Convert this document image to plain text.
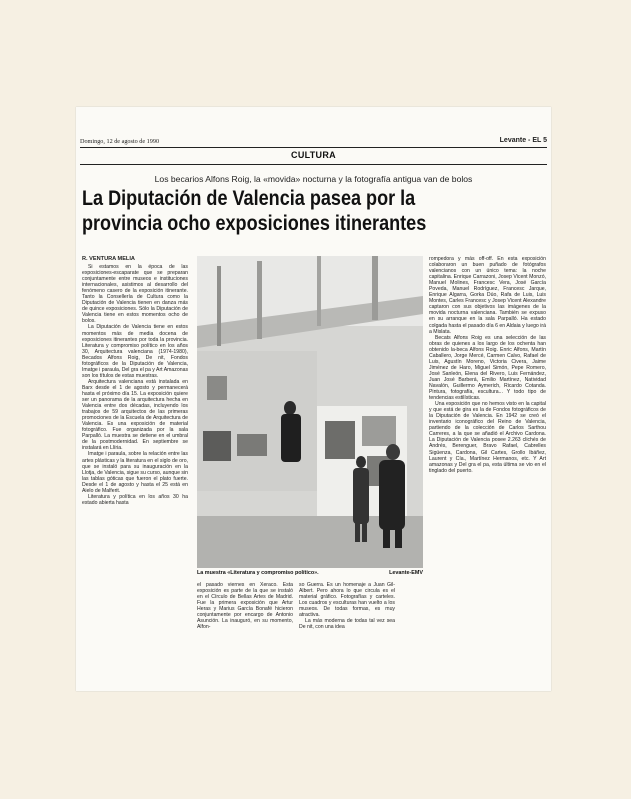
Domingo, 12 de agosto de 1990	Levante - EL 5
CULTURA
Los becarios Alfons Roig, la «movida» nocturna y la fotografía antigua van de bolos
La Diputación de Valencia pasea por la
provincia ocho exposiciones itinerantes
R. VENTURA MELIA

Si estamos en la época de las exposiciones-escaparate que se preparan conjuntamente entre museos e instituciones internacionales, asistimos al desarrollo del fenómeno casero de la exposición itinerante. Tanto la Consellería de Cultura como la Diputación de Valencia tienen en danza más de quince exposiciones. Sólo la Diputación de Valencia tiene en estos momentos ocho de bolos.

La Diputación de Valencia tiene en estos momentos más de media docena de exposiciones itinerantes por toda la provincia. Literatura y compromiso político en los años 30, Arquitectura valenciana (1974-1980), Becados Alfons Roig, De nit, Fondos fotográficos de la Diputación de Valencia, Imatge i paraula, Del gra el pa y Art Amazonas son los títulos de estas muestras.

Arquitectura valenciana está instalada en Barx desde el 1 de agosto y permanecerá hasta el próximo día 15. La exposición quiere ser un panorama de la arquitectura hecha en Valencia entre dos décadas, incluyendo los trabajos de 59 arquitectos de las primeras promociones de la Escuela de Arquitectura de Valencia. Es una exposición de material fotográfico. Fue organizada por la sala Parpalló. La muestra se detiene en el umbral de la postmodernidad. En septiembre se instalará en Llíria.

Imatge i paraula, sobre la relación entre las artes plásticas y la literatura en el siglo de oro, que se instaló para su inauguración en la Llotja, de Valencia, sigue su curso, aunque sin las tablas góticas que fueron el plato fuerte. Desde el 1 de agosto y hasta el 25 está en Aielo de Malferit.

Literatura y política en los años 30 ha estado abierta hasta

La muestra «Literatura y compromiso político».	Levante-EMV

el pasado viernes en Xeraco. Esta exposición es parte de la que se instaló en el Círculo de Bellas Artes de Madrid. Fue la primera exposición que Artur Heras y Marius García Bonafé hicieron conjuntamente por encargo de Antonio Asunción. La inauguró, en su momento, Alfon-

so Guerra. Es un homenaje a Juan Gil-Albert. Pero ahora lo que circula es el material gráfico. Fotografías y carteles. Los cuadros y esculturas han vuelto a los museos. De todas formas, es muy atractiva.

La más moderna de todas tal vez sea De nit, con una idea

rompedora y más off-off. En esta exposición colaboraron un buen puñado de fotógrafos valencianos con un único tema: la noche capitalina. Enrique Carrazoni, Josep Vicent Monzó, Manuel Molines, Francesc Vera, José García Poveda, Manuel Rodríguez, Francesc Jarque, Enrique Algarra, Gorka Dúo, Rafa de Luis, Luis Montes, Carles Francesc y Josep Vicent Alexandre captaron con sus objetivos las imágenes de la movida nocturna valenciana. También se expuso en su arranque en la sala Parpalló. Ha estado colgada hasta el pasado día 6 en Aldaia y luego irá a Mislata.

Becats Alfons Roig es una selección de las obras de quienes a los largo de los ochenta han obtenido la-beca Alfons Roig. Enric Alfons, Martín Caballero, Jorge Mercé, Carmen Calvo, Rafael de Luis, Agustín Moreno, Victoria Civera, Jaime Jiménez de Haro, Miguel Simón, Pepe Romero, José Sanleón, Elena del Rivero, Luis Fernández, Juan José Barberá, Emilio Martínez, Natividad Navalón, Guillermo Aymerich, Ricardo Cotanda. Pintura, fotografía, escultura... Y todo tipo de tendencias estilísticas.

Una exposición que no hemos visto en la capital y que está de gira es la de Fondos fotográficos de la Diputación de Valencia. En 1942 se creó el inventario iconográfico del Reino de Valencia, partiendo de la colección de Carlos Sarthou Carreres, a la que se añadió el Archivo Cardona. La Diputación de Valencia posee 2.263 clichés de Andrés, Berenguer, Bravo Rafael, Cabrelles Sigüenza, Cardona, Gil Cartes, Grollo Ibáñez, Laurent y Cía., Martínez Hermanos, etc. Y Art amazonas y Del gra el pa, esta última se vio en el tinglado del puerto.
